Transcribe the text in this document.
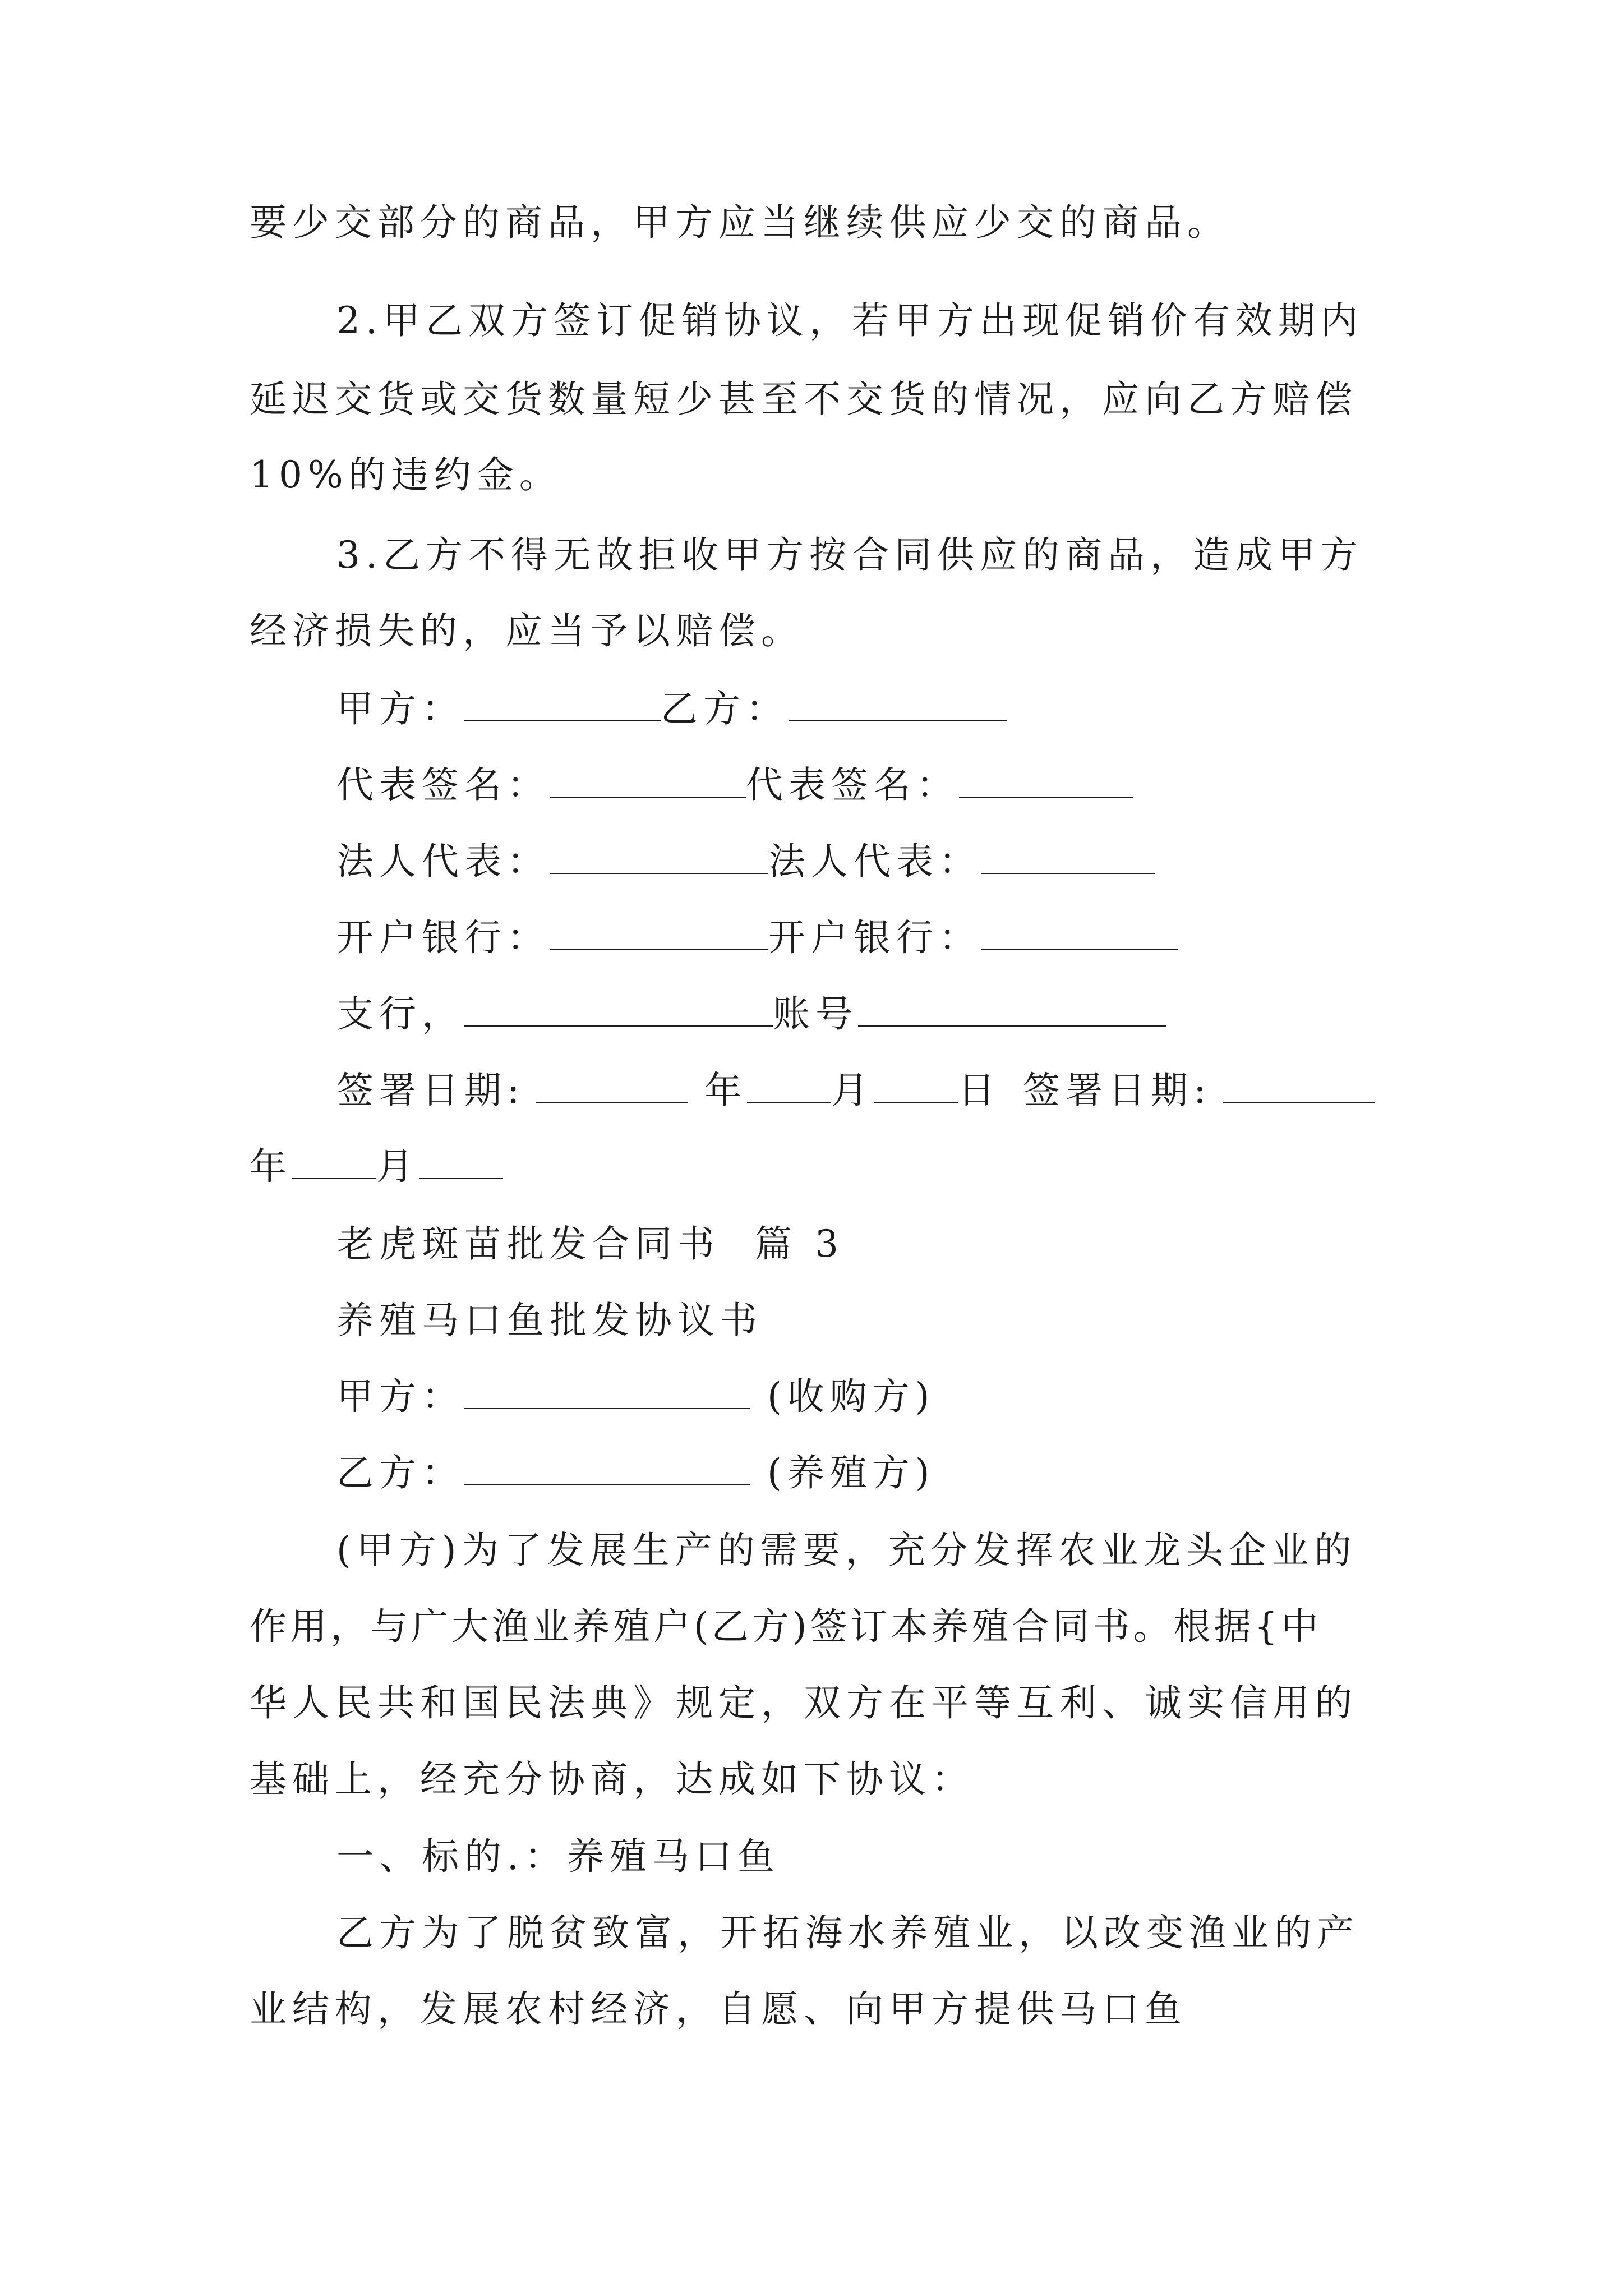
要少交部分的商品，甲方应当继续供应少交的商品。
2.甲乙双方签订促销协议，若甲方出现促销价有效期内
延迟交货或交货数量短少甚至不交货的情况，应向乙方赔偿
10%的违约金。
3.乙方不得无故拒收甲方按合同供应的商品，造成甲方
经济损失的，应当予以赔偿。
甲方：	乙方：
代表签名：	代表签名：
法人代表：	法人代表：
开户银行：	开户银行：
支行，	账号
签署日期:	年 月 日 签署日期:
年 月
老虎斑苗批发合同书  篇 3
养殖马口鱼批发协议书
甲方：	(收购方)
乙方：	(养殖方)
(甲方)为了发展生产的需要，充分发挥农业龙头企业的
作用，与广大渔业养殖户(乙方)签订本养殖合同书。根据{中
华人民共和国民法典》规定，双方在平等互利、诚实信用的
基础上，经充分协商，达成如下协议：
一、标的.：养殖马口鱼
乙方为了脱贫致富，开拓海水养殖业，以改变渔业的产
业结构，发展农村经济，自愿、向甲方提供马口鱼
